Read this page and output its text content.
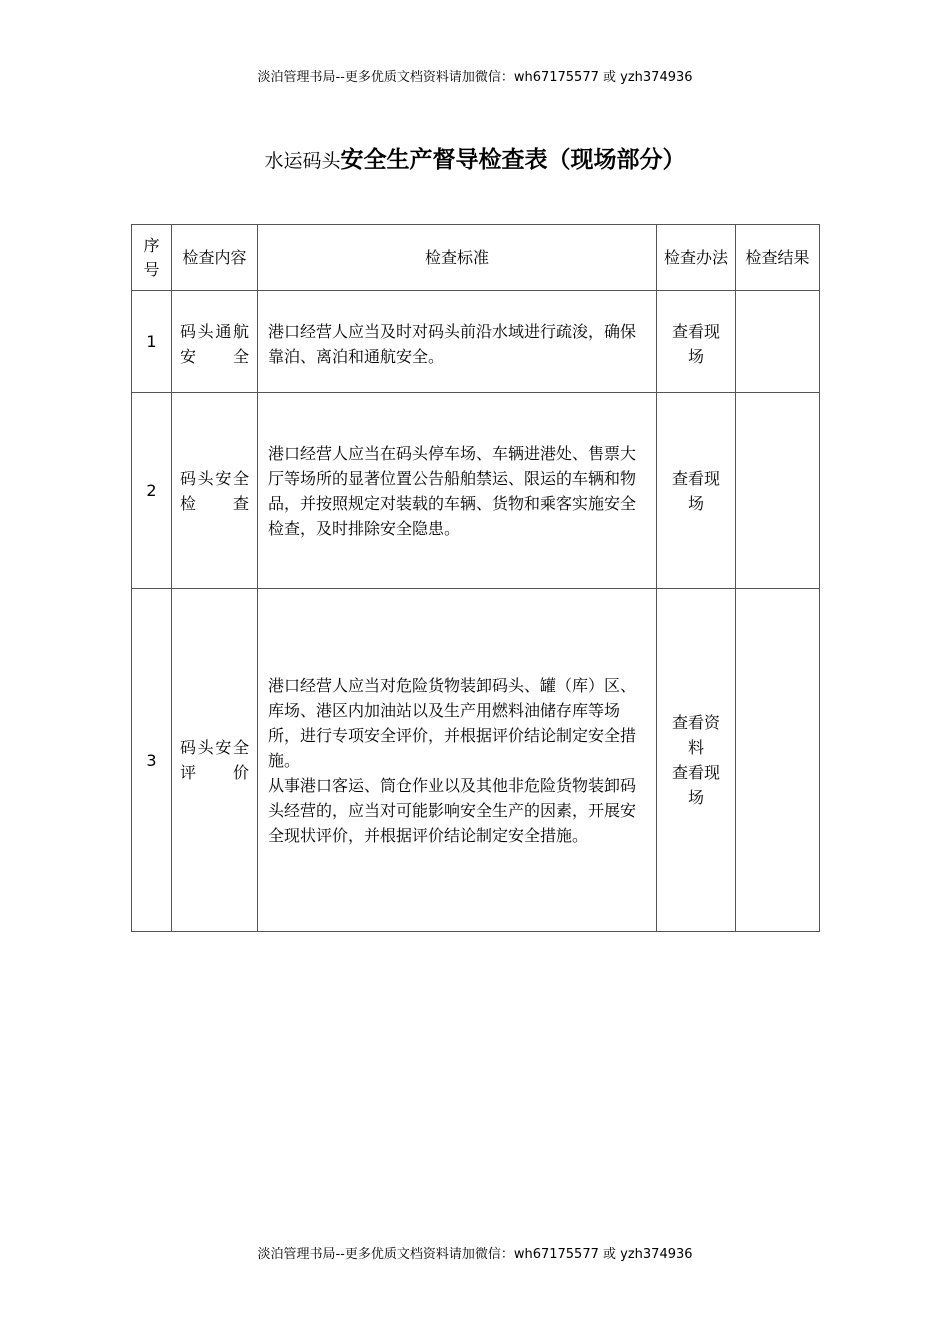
淡泊管理书局--更多优质文档资料请加微信：wh67175577 或 yzh374936
水运码头安全生产督导检查表（现场部分）
序号	检查内容	检查标准	检查办法	检查结果

1	码头通航安全	港口经营人应当及时对码头前沿水域进行疏浚，确保靠泊、离泊和通航安全。	查看现场	

2	码头安全检查	港口经营人应当在码头停车场、车辆进港处、售票大厅等场所的显著位置公告船舶禁运、限运的车辆和物品，并按照规定对装载的车辆、货物和乘客实施安全检查，及时排除安全隐患。	查看现场	

3	码头安全评价	港口经营人应当对危险货物装卸码头、罐（库）区、库场、港区内加油站以及生产用燃料油储存库等场所，进行专项安全评价，并根据评价结论制定安全措施。
从事港口客运、筒仓作业以及其他非危险货物装卸码头经营的，应当对可能影响安全生产的因素，开展安全现状评价，并根据评价结论制定安全措施。	查看资料
查看现场	

淡泊管理书局--更多优质文档资料请加微信：wh67175577 或 yzh374936
